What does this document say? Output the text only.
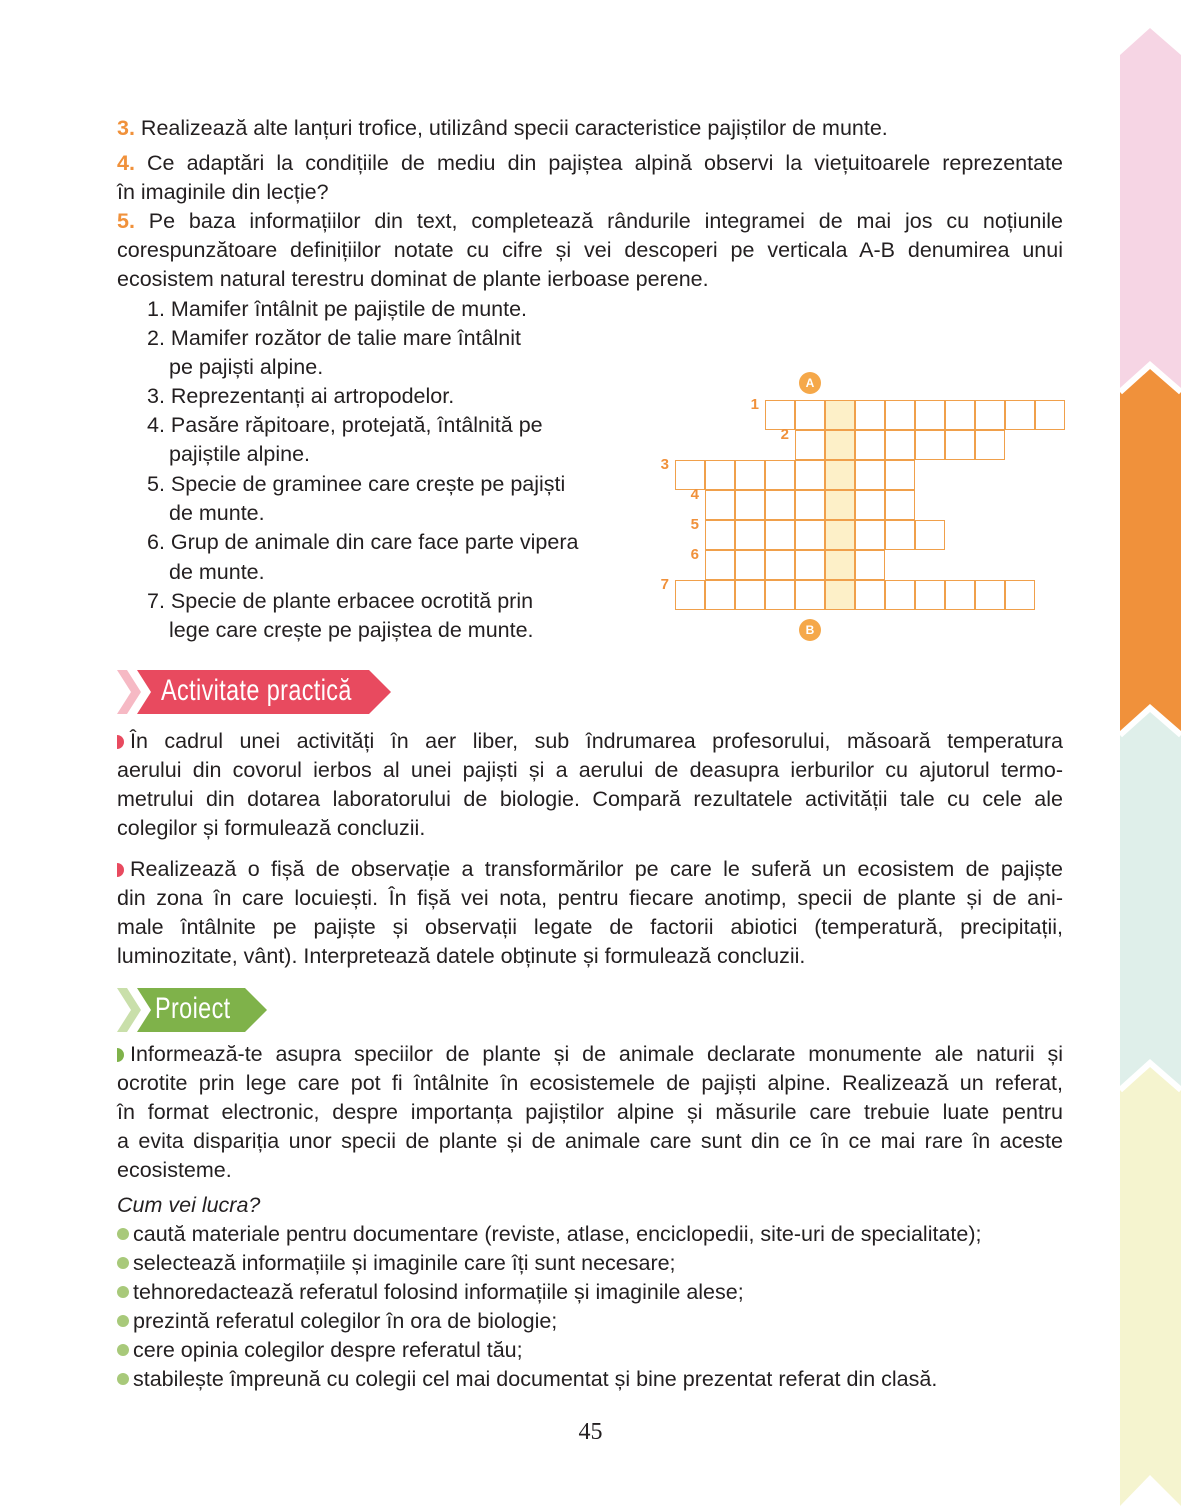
3. Realizează alte lanțuri trofice, utilizând specii caracteristice pajiștilor de munte.
4. Ce adaptări la condițiile de mediu din pajiștea alpină observi la viețuitoarele reprezentate
în imaginile din lecție?
5. Pe baza informațiilor din text, completează rândurile integramei de mai jos cu noțiunile
corespunzătoare definițiilor notate cu cifre și vei descoperi pe verticala A-B denumirea unui
ecosistem natural terestru dominat de plante ierboase perene.
1. Mamifer întâlnit pe pajiștile de munte.
2. Mamifer rozător de talie mare întâlnit
pe pajiști alpine.
3. Reprezentanți ai artropodelor.
4. Pasăre răpitoare, protejată, întâlnită pe
pajiștile alpine.
5. Specie de graminee care crește pe pajiști
de munte.
6. Grup de animale din care face parte vipera
de munte.
7. Specie de plante erbacee ocrotită prin
lege care crește pe pajiștea de munte.
Activitate practică
În cadrul unei activități în aer liber, sub îndrumarea profesorului, măsoară temperatura
aerului din covorul ierbos al unei pajiști și a aerului de deasupra ierburilor cu ajutorul termo-
metrului din dotarea laboratorului de biologie. Compară rezultatele activității tale cu cele ale
colegilor și formulează concluzii.
Realizează o fișă de observație a transformărilor pe care le suferă un ecosistem de pajiște
din zona în care locuiești. În fișă vei nota, pentru fiecare anotimp, specii de plante și de ani-
male întâlnite pe pajiște și observații legate de factorii abiotici (temperatură, precipitații,
luminozitate, vânt). Interpretează datele obținute și formulează concluzii.
Proiect
Informează-te asupra speciilor de plante și de animale declarate monumente ale naturii și
ocrotite prin lege care pot fi întâlnite în ecosistemele de pajiști alpine. Realizează un referat,
în format electronic, despre importanța pajiștilor alpine și măsurile care trebuie luate pentru
a evita dispariția unor specii de plante și de animale care sunt din ce în ce mai rare în aceste
ecosisteme.
Cum vei lucra?
caută materiale pentru documentare (reviste, atlase, enciclopedii, site-uri de specialitate);
selectează informațiile și imaginile care îți sunt necesare;
tehnoredactează referatul folosind informațiile și imaginile alese;
prezintă referatul colegilor în ora de biologie;
cere opinia colegilor despre referatul tău;
stabilește împreună cu colegii cel mai documentat și bine prezentat referat din clasă.
A
B
1
2
3
4
5
6
7
45
